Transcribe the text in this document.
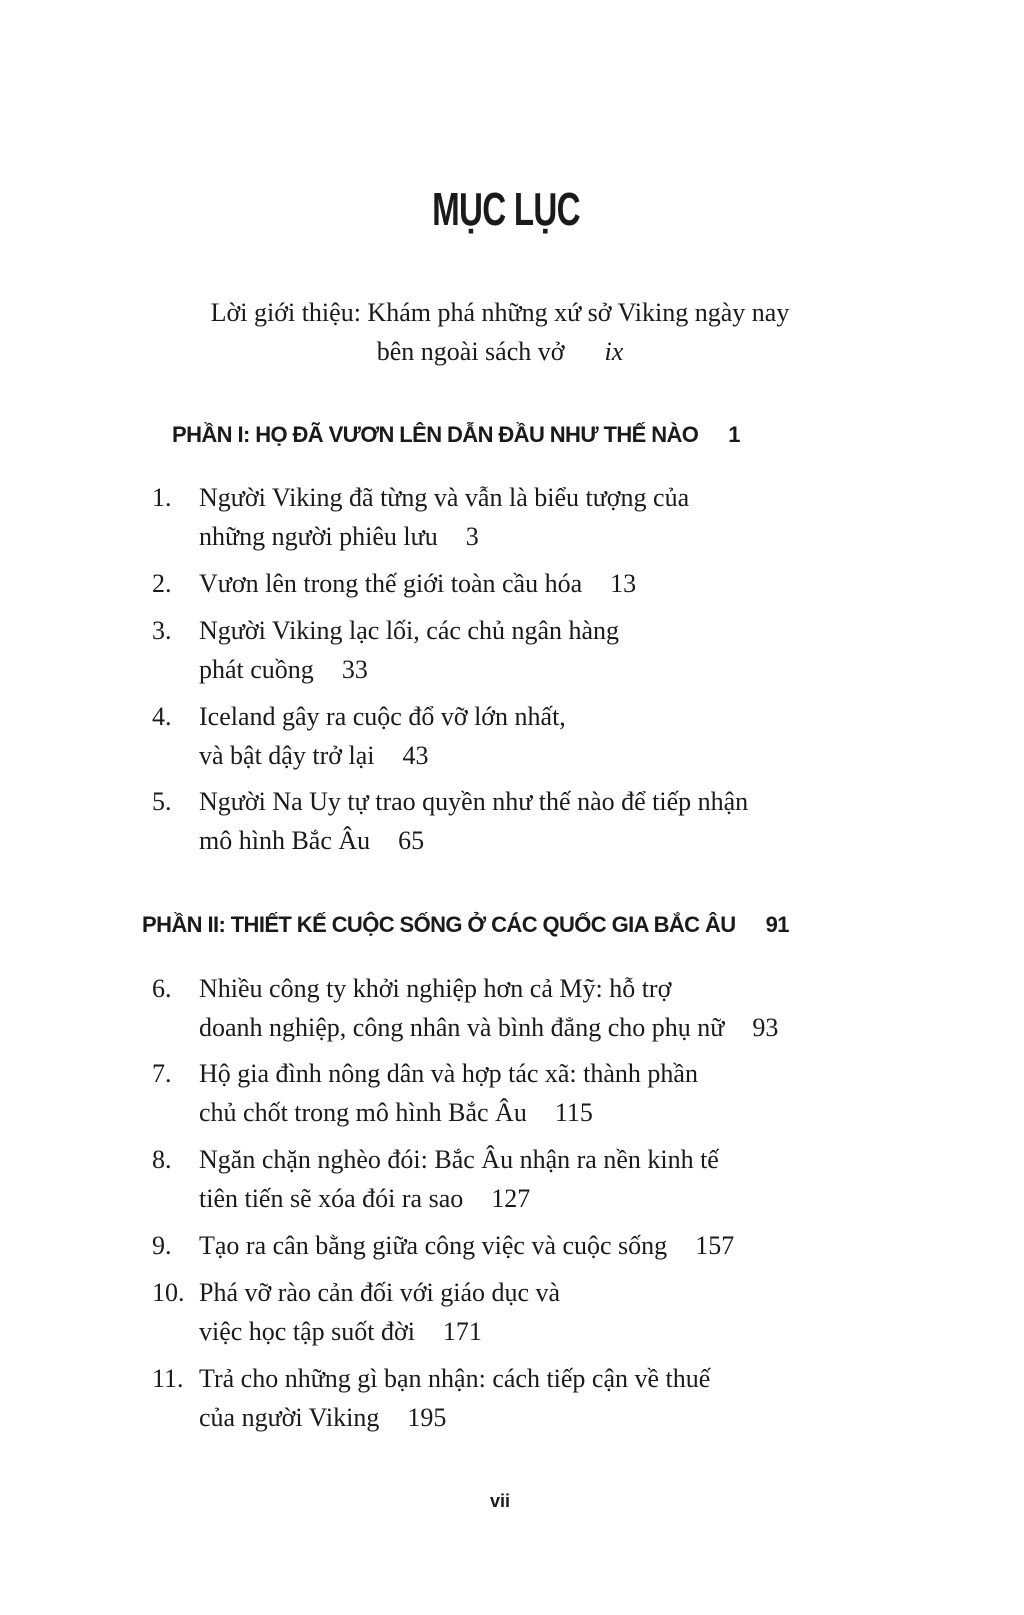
MỤC LỤC
Lời giới thiệu: Khám phá những xứ sở Viking ngày nay
bên ngoài sách vở ix
PHẦN I: HỌ ĐÃ VƯƠN LÊN DẪN ĐẦU NHƯ THẾ NÀO 1
PHẦN II: THIẾT KẾ CUỘC SỐNG Ở CÁC QUỐC GIA BẮC ÂU 91
1. Người Viking đã từng và vẫn là biểu tượng của
những người phiêu lưu 3
2. Vươn lên trong thế giới toàn cầu hóa 13
3. Người Viking lạc lối, các chủ ngân hàng
phát cuồng 33
4. Iceland gây ra cuộc đổ vỡ lớn nhất,
và bật dậy trở lại 43
5. Người Na Uy tự trao quyền như thế nào để tiếp nhận
mô hình Bắc Âu 65
6. Nhiều công ty khởi nghiệp hơn cả Mỹ: hỗ trợ
doanh nghiệp, công nhân và bình đẳng cho phụ nữ 93
7. Hộ gia đình nông dân và hợp tác xã: thành phần
chủ chốt trong mô hình Bắc Âu 115
8. Ngăn chặn nghèo đói: Bắc Âu nhận ra nền kinh tế
tiên tiến sẽ xóa đói ra sao 127
9. Tạo ra cân bằng giữa công việc và cuộc sống 157
10. Phá vỡ rào cản đối với giáo dục và
việc học tập suốt đời 171
11. Trả cho những gì bạn nhận: cách tiếp cận về thuế
của người Viking 195
vii
